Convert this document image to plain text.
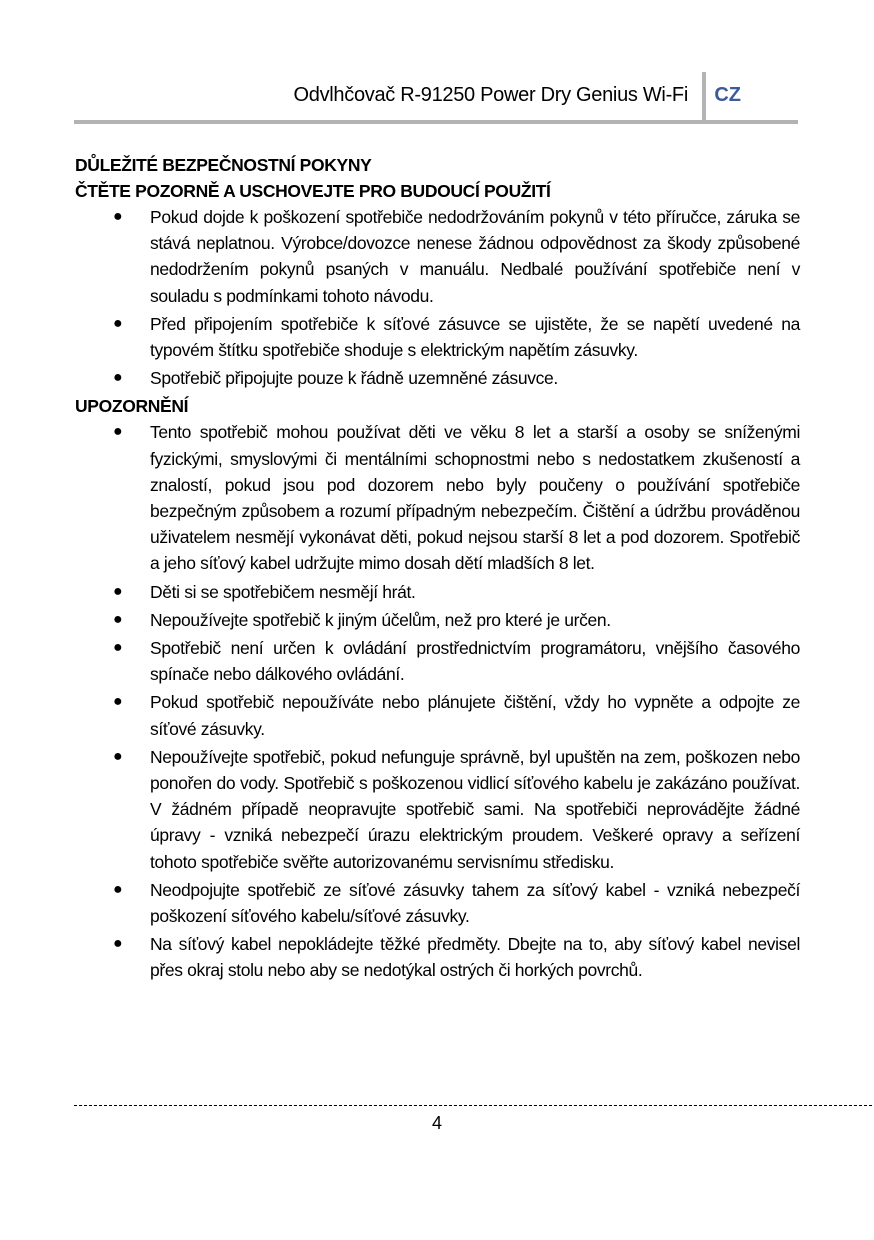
Odvlhčovač R-91250 Power Dry Genius Wi-Fi CZ

DŮLEŽITÉ BEZPEČNOSTNÍ POKYNY

ČTĚTE POZORNĚ A USCHOVEJTE PRO BUDOUCÍ POUŽITÍ

● Pokud dojde k poškození spotřebiče nedodržováním pokynů v této příručce, záruka se stává neplatnou. Výrobce/dovozce nenese žádnou odpovědnost za škody způsobené nedodržením pokynů psaných v manuálu. Nedbalé používání spotřebiče není v souladu s podmínkami tohoto návodu.
● Před připojením spotřebiče k síťové zásuvce se ujistěte, že se napětí uvedené na typovém štítku spotřebiče shoduje s elektrickým napětím zásuvky.
● Spotřebič připojujte pouze k řádně uzemněné zásuvce.

UPOZORNĚNÍ

● Tento spotřebič mohou používat děti ve věku 8 let a starší a osoby se sníženými fyzickými, smyslovými či mentálními schopnostmi nebo s nedostatkem zkušeností a znalostí, pokud jsou pod dozorem nebo byly poučeny o používání spotřebiče bezpečným způsobem a rozumí případným nebezpečím. Čištění a údržbu prováděnou uživatelem nesmějí vykonávat děti, pokud nejsou starší 8 let a pod dozorem. Spotřebič a jeho síťový kabel udržujte mimo dosah dětí mladších 8 let.
● Děti si se spotřebičem nesmějí hrát.
● Nepoužívejte spotřebič k jiným účelům, než pro které je určen.
● Spotřebič není určen k ovládání prostřednictvím programátoru, vnějšího časového spínače nebo dálkového ovládání.
● Pokud spotřebič nepoužíváte nebo plánujete čištění, vždy ho vypněte a odpojte ze síťové zásuvky.
● Nepoužívejte spotřebič, pokud nefunguje správně, byl upuštěn na zem, poškozen nebo ponořen do vody. Spotřebič s poškozenou vidlicí síťového kabelu je zakázáno používat. V žádném případě neopravujte spotřebič sami. Na spotřebiči neprovádějte žádné úpravy - vzniká nebezpečí úrazu elektrickým proudem. Veškeré opravy a seřízení tohoto spotřebiče svěřte autorizovanému servisnímu středisku.
● Neodpojujte spotřebič ze síťové zásuvky tahem za síťový kabel - vzniká nebezpečí poškození síťového kabelu/síťové zásuvky.
● Na síťový kabel nepokládejte těžké předměty. Dbejte na to, aby síťový kabel nevisel přes okraj stolu nebo aby se nedotýkal ostrých či horkých povrchů.
4
